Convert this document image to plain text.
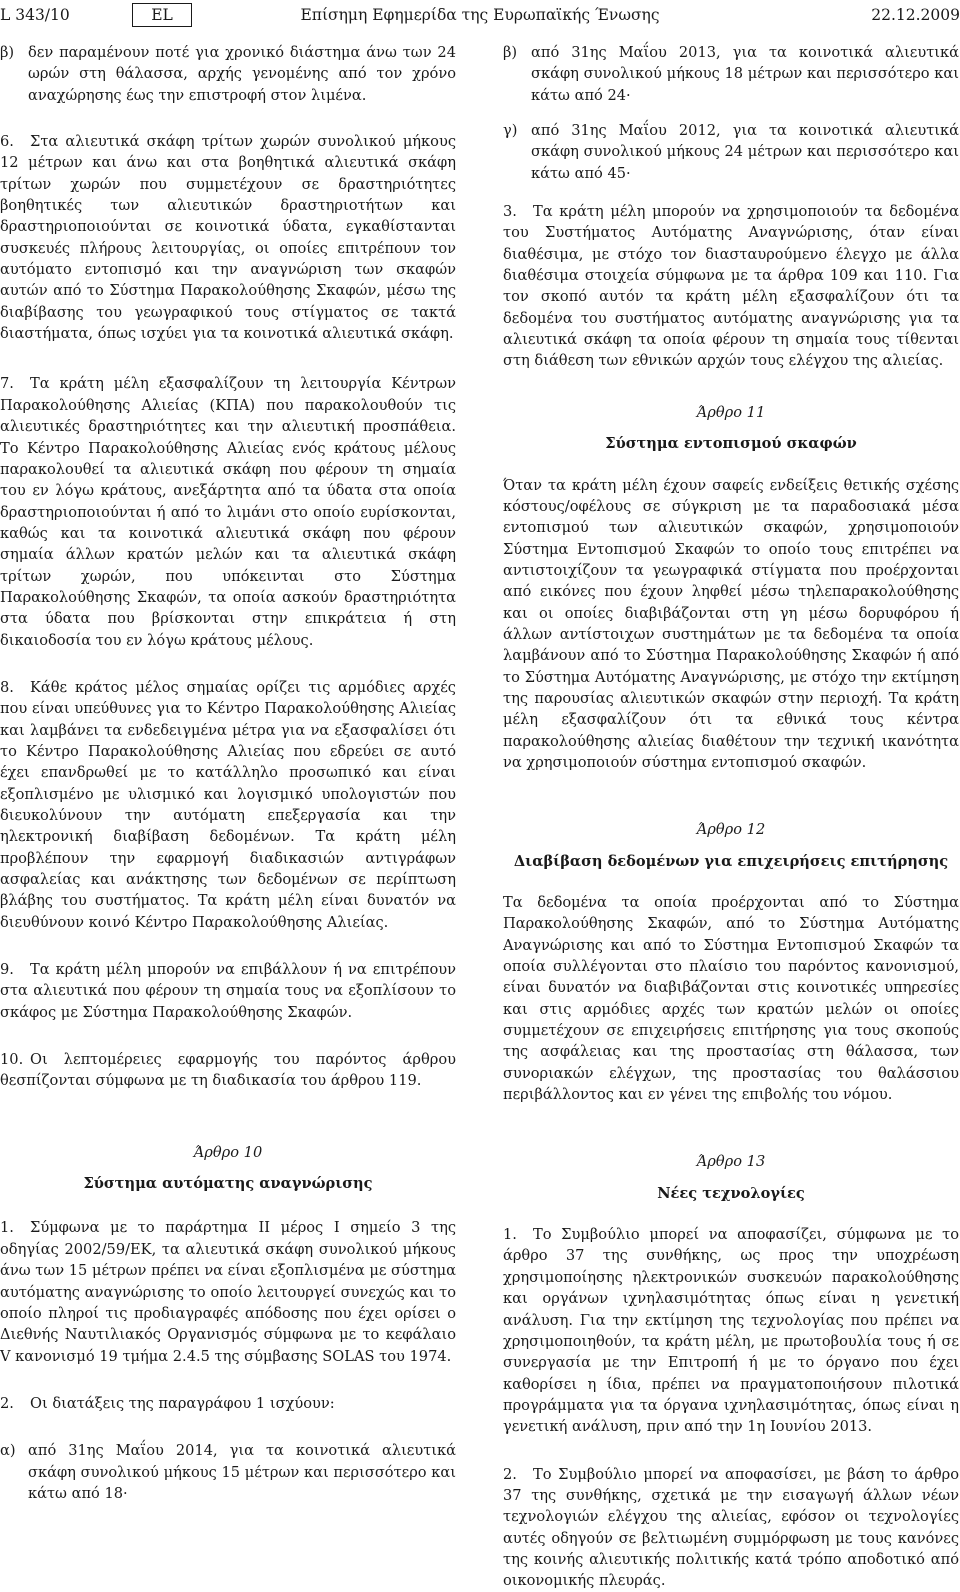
L 343/10	EL	Επίσημη Εφημερίδα της Ευρωπαϊκής Ένωσης	22.12.2009
β) δεν παραμένουν ποτέ για χρονικό διάστημα άνω των 24 ωρών στη θάλασσα, αρχής γενομένης από τον χρόνο αναχώρησης έως την επιστροφή στον λιμένα.

6. Στα αλιευτικά σκάφη τρίτων χωρών συνολικού μήκους 12 μέτρων και άνω και στα βοηθητικά αλιευτικά σκάφη τρίτων χωρών που συμμετέχουν σε δραστηριότητες βοηθητικές των αλιευτικών δραστηριοτήτων και δραστηριοποιούνται σε κοινοτικά ύδατα, εγκαθίστανται συσκευές πλήρους λειτουργίας, οι οποίες επιτρέπουν τον αυτόματο εντοπισμό και την αναγνώριση των σκαφών αυτών από το Σύστημα Παρακολούθησης Σκαφών, μέσω της διαβίβασης του γεωγραφικού τους στίγματος σε τακτά διαστήματα, όπως ισχύει για τα κοινοτικά αλιευτικά σκάφη.

7. Τα κράτη μέλη εξασφαλίζουν τη λειτουργία Κέντρων Παρακολούθησης Αλιείας (ΚΠΑ) που παρακολουθούν τις αλιευτικές δραστηριότητες και την αλιευτική προσπάθεια. Το Κέντρο Παρακολούθησης Αλιείας ενός κράτους μέλους παρακολουθεί τα αλιευτικά σκάφη που φέρουν τη σημαία του εν λόγω κράτους, ανεξάρτητα από τα ύδατα στα οποία δραστηριοποιούνται ή από το λιμάνι στο οποίο ευρίσκονται, καθώς και τα κοινοτικά αλιευτικά σκάφη που φέρουν σημαία άλλων κρατών μελών και τα αλιευτικά σκάφη τρίτων χωρών, που υπόκεινται στο Σύστημα Παρακολούθησης Σκαφών, τα οποία ασκούν δραστηριότητα στα ύδατα που βρίσκονται στην επικράτεια ή στη δικαιοδοσία του εν λόγω κράτους μέλους.

8. Κάθε κράτος μέλος σημαίας ορίζει τις αρμόδιες αρχές που είναι υπεύθυνες για το Κέντρο Παρακολούθησης Αλιείας και λαμβάνει τα ενδεδειγμένα μέτρα για να εξασφαλίσει ότι το Κέντρο Παρακολούθησης Αλιείας που εδρεύει σε αυτό έχει επανδρωθεί με το κατάλληλο προσωπικό και είναι εξοπλισμένο με υλισμικό και λογισμικό υπολογιστών που διευκολύνουν την αυτόματη επεξεργασία και την ηλεκτρονική διαβίβαση δεδομένων. Τα κράτη μέλη προβλέπουν την εφαρμογή διαδικασιών αντιγράφων ασφαλείας και ανάκτησης των δεδομένων σε περίπτωση βλάβης του συστήματος. Τα κράτη μέλη είναι δυνατόν να διευθύνουν κοινό Κέντρο Παρακολούθησης Αλιείας.

9. Τα κράτη μέλη μπορούν να επιβάλλουν ή να επιτρέπουν στα αλιευτικά που φέρουν τη σημαία τους να εξοπλίσουν το σκάφος με Σύστημα Παρακολούθησης Σκαφών.

10. Οι λεπτομέρειες εφαρμογής του παρόντος άρθρου θεσπίζονται σύμφωνα με τη διαδικασία του άρθρου 119.

Άρθρο 10
Σύστημα αυτόματης αναγνώρισης

1. Σύμφωνα με το παράρτημα ΙΙ μέρος Ι σημείο 3 της οδηγίας 2002/59/ΕΚ, τα αλιευτικά σκάφη συνολικού μήκους άνω των 15 μέτρων πρέπει να είναι εξοπλισμένα με σύστημα αυτόματης αναγνώρισης το οποίο λειτουργεί συνεχώς και το οποίο πληροί τις προδιαγραφές απόδοσης που έχει ορίσει ο Διεθνής Ναυτιλιακός Οργανισμός σύμφωνα με το κεφάλαιο V κανονισμό 19 τμήμα 2.4.5 της σύμβασης SOLAS του 1974.

2. Οι διατάξεις της παραγράφου 1 ισχύουν:

α) από 31ης Μαΐου 2014, για τα κοινοτικά αλιευτικά σκάφη συνολικού μήκους 15 μέτρων και περισσότερο και κάτω από 18·
β) από 31ης Μαΐου 2013, για τα κοινοτικά αλιευτικά σκάφη συνολικού μήκους 18 μέτρων και περισσότερο και κάτω από 24·
γ) από 31ης Μαΐου 2012, για τα κοινοτικά αλιευτικά σκάφη συνολικού μήκους 24 μέτρων και περισσότερο και κάτω από 45·

3. Τα κράτη μέλη μπορούν να χρησιμοποιούν τα δεδομένα του Συστήματος Αυτόματης Αναγνώρισης, όταν είναι διαθέσιμα, με στόχο τον διασταυρούμενο έλεγχο με άλλα διαθέσιμα στοιχεία σύμφωνα με τα άρθρα 109 και 110. Για τον σκοπό αυτόν τα κράτη μέλη εξασφαλίζουν ότι τα δεδομένα του συστήματος αυτόματης αναγνώρισης για τα αλιευτικά σκάφη τα οποία φέρουν τη σημαία τους τίθενται στη διάθεση των εθνικών αρχών τους ελέγχου της αλιείας.

Άρθρο 11
Σύστημα εντοπισμού σκαφών

Όταν τα κράτη μέλη έχουν σαφείς ενδείξεις θετικής σχέσης κόστους/οφέλους σε σύγκριση με τα παραδοσιακά μέσα εντοπισμού των αλιευτικών σκαφών, χρησιμοποιούν Σύστημα Εντοπισμού Σκαφών το οποίο τους επιτρέπει να αντιστοιχίζουν τα γεωγραφικά στίγματα που προέρχονται από εικόνες που έχουν ληφθεί μέσω τηλεπαρακολούθησης και οι οποίες διαβιβάζονται στη γη μέσω δορυφόρου ή άλλων αντίστοιχων συστημάτων με τα δεδομένα τα οποία λαμβάνουν από το Σύστημα Παρακολούθησης Σκαφών ή από το Σύστημα Αυτόματης Αναγνώρισης, με στόχο την εκτίμηση της παρουσίας αλιευτικών σκαφών στην περιοχή. Τα κράτη μέλη εξασφαλίζουν ότι τα εθνικά τους κέντρα παρακολούθησης αλιείας διαθέτουν την τεχνική ικανότητα να χρησιμοποιούν σύστημα εντοπισμού σκαφών.

Άρθρο 12
Διαβίβαση δεδομένων για επιχειρήσεις επιτήρησης

Τα δεδομένα τα οποία προέρχονται από το Σύστημα Παρακολούθησης Σκαφών, από το Σύστημα Αυτόματης Αναγνώρισης και από το Σύστημα Εντοπισμού Σκαφών τα οποία συλλέγονται στο πλαίσιο του παρόντος κανονισμού, είναι δυνατόν να διαβιβάζονται στις κοινοτικές υπηρεσίες και στις αρμόδιες αρχές των κρατών μελών οι οποίες συμμετέχουν σε επιχειρήσεις επιτήρησης για τους σκοπούς της ασφάλειας και της προστασίας στη θάλασσα, των συνοριακών ελέγχων, της προστασίας του θαλάσσιου περιβάλλοντος και εν γένει της επιβολής του νόμου.

Άρθρο 13
Νέες τεχνολογίες

1. Το Συμβούλιο μπορεί να αποφασίζει, σύμφωνα με το άρθρο 37 της συνθήκης, ως προς την υποχρέωση χρησιμοποίησης ηλεκτρονικών συσκευών παρακολούθησης και οργάνων ιχνηλασιμότητας όπως είναι η γενετική ανάλυση. Για την εκτίμηση της τεχνολογίας που πρέπει να χρησιμοποιηθούν, τα κράτη μέλη, με πρωτοβουλία τους ή σε συνεργασία με την Επιτροπή ή με το όργανο που έχει καθορίσει η ίδια, πρέπει να πραγματοποιήσουν πιλοτικά προγράμματα για τα όργανα ιχνηλασιμότητας, όπως είναι η γενετική ανάλυση, πριν από την 1η Ιουνίου 2013.

2. Το Συμβούλιο μπορεί να αποφασίσει, με βάση το άρθρο 37 της συνθήκης, σχετικά με την εισαγωγή άλλων νέων τεχνολογιών ελέγχου της αλιείας, εφόσον οι τεχνολογίες αυτές οδηγούν σε βελτιωμένη συμμόρφωση με τους κανόνες της κοινής αλιευτικής πολιτικής κατά τρόπο αποδοτικό από οικονομικής πλευράς.
